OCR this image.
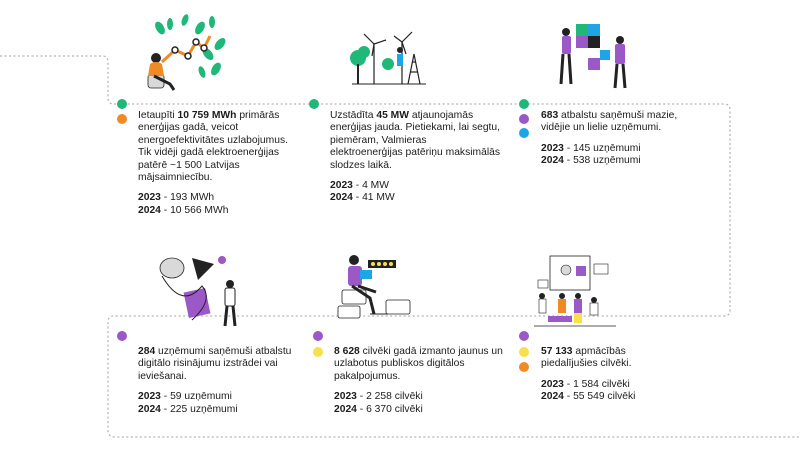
Ietaupīti 10 759 MWh primārās enerģijas gadā, veicot energoefektivitātes uzlabojumus.

Tik vidēji gadā elektroenerģijas patērē ~1 500 Latvijas mājsaimniecību.

2023 - 193 MWh

2024 - 10 566 MWh

Uzstādīta 45 MW atjaunojamās enerģijas jauda. Pietiekami, lai segtu, piemēram, Valmieras elektroenerģijas patēriņu maksimālās slodzes laikā.

2023 - 4 MW

2024 - 41 MW

683 atbalstu saņēmuši mazie, vidējie un lielie uzņēmumi.

2023 - 145 uzņēmumi

2024 - 538 uzņēmumi

284 uzņēmumi saņēmuši atbalstu digitālo risinājumu izstrādei vai ieviešanai.

2023 - 59 uzņēmumi

2024 - 225 uzņēmumi

8 628 cilvēki gadā izmanto jaunus un uzlabotus publiskos digitālos pakalpojumus.

2023 - 2 258 cilvēki

2024 - 6 370 cilvēki

57 133 apmācībās piedalījušies cilvēki.

2023 - 1 584 cilvēki

2024 - 55 549 cilvēki
